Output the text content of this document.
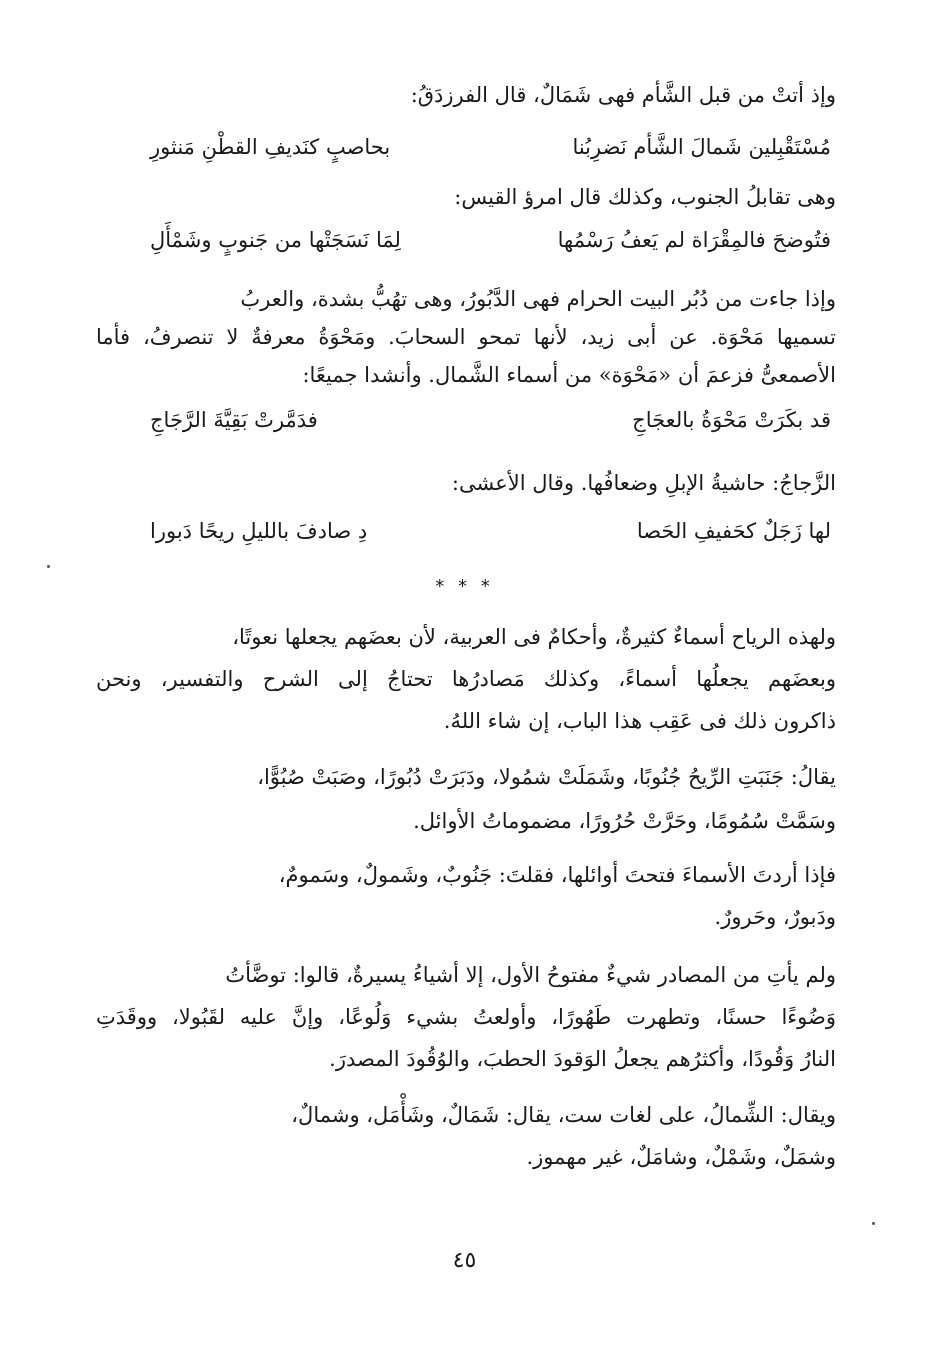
وإذ أتتْ من قبل الشَّأم فهى شَمَالٌ، قال الفرزدَقُ:
مُسْتَقْبِلين شَمالَ الشَّأم نَضرِبُنا
بحاصبٍ كنَديفِ القطْنِ مَنثورِ
وهى تقابلُ الجنوب، وكذلك قال امرؤ القيس:
فتُوضحَ فالمِقْرَاة لم يَعفُ رَسْمُها
لِمَا نَسَجَتْها من جَنوبٍ وشَمْأَلِ
وإذا جاءت من دُبُر البيت الحرام فهى الدَّبُورُ، وهى تهُبُّ بشدة، والعربُ
تسميها مَحْوَة. عن أبى زيد، لأنها تمحو السحابَ. ومَحْوَةُ معرفةٌ لا تنصرفُ، فأما
الأصمعىُّ فزعمَ أن «مَحْوَة» من أسماء الشَّمال. وأنشدا جميعًا:
قد بكَرَتْ مَحْوَةُ بالعجَاجِ
فدَمَّرتْ بَقِيَّةَ الرَّجَاجِ
الزَّجاجُ: حاشيةُ الإبلِ وضعافُها. وقال الأعشى:
لها زَجَلٌ كحَفيفِ الحَصا
دِ صادفَ بالليلِ ريحًا دَبورا
* * *
ولهذه الرياح أسماءٌ كثيرةٌ، وأحكامٌ فى العربية، لأن بعضَهم يجعلها نعوتًا،
وبعضَهم يجعلُها أسماءً، وكذلك مَصادرُها تحتاجُ إلى الشرح والتفسير، ونحن
ذاكرون ذلك فى عَقِب هذا الباب، إن شاء اللهُ.
يقالُ: جَنَبَتِ الرِّيحُ جُنُوبًا، وشَمَلَتْ شمُولا، ودَبَرَتْ دُبُورًا، وصَبَتْ صُبُوًّا،
وسَمَّتْ سُمُومًا، وحَرَّتْ حُرُورًا، مضموماتُ الأوائل.
فإذا أردتَ الأسماءَ فتحتَ أوائلها، فقلتَ: جَنُوبٌ، وشَمولٌ، وسَمومٌ،
ودَبورٌ، وحَرورٌ.
ولم يأتِ من المصادر شيءٌ مفتوحُ الأول، إلا أشياءُ يسيرةٌ، قالوا: توضَّأتُ
وَضُوءًا حسنًا، وتطهرت طَهُورًا، وأولعتُ بشيء وَلُوعًا، وإنَّ عليه لقَبُولا، ووقَدَتِ
النارُ وَقُودًا، وأكثرُهم يجعلُ الوَقودَ الحطبَ، والوُقُودَ المصدرَ.
ويقال: الشِّمالُ، على لغات ست، يقال: شَمَالٌ، وشَأْمَل، وشمالٌ،
وشمَلٌ، وشَمْلٌ، وشامَلٌ، غير مهموز.
٤٥
